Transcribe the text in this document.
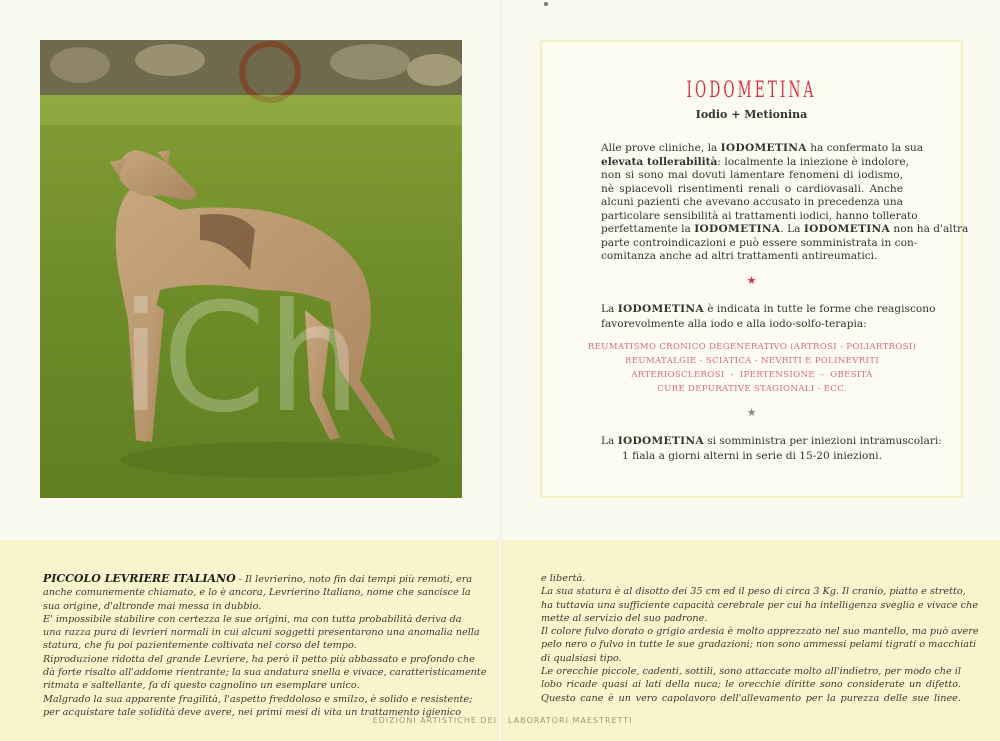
iCh
IODOMETINA
Iodio + Metionina
Alle prove cliniche, la IODOMETINA ha confermato la sua
elevata tollerabilità: localmente la iniezione è indolore,
non si sono mai dovuti lamentare fenomeni di iodismo,
nè spiacevoli risentimenti renali o cardiovasali. Anche
alcuni pazienti che avevano accusato in precedenza una
particolare sensibilità ai trattamenti iodici, hanno tollerato
perfettamente la IODOMETINA. La IODOMETINA non ha d'altra
parte controindicazioni e può essere somministrata in con-
comitanza anche ad altri trattamenti antireumatici.
★
La IODOMETINA è indicata in tutte le forme che reagiscono
favorevolmente alla iodo e alla iodo-solfo-terapia:
REUMATISMO CRONICO DEGENERATIVO (ARTROSI - POLIARTROSI)
REUMATALGIE - SCIATICA - NEVRITI E POLINEVRITI
ARTERIOSCLEROSI  -  IPERTENSIONE  -  OBESITÀ
CURE DEPURATIVE STAGIONALI - ECC.
★
La IODOMETINA si somministra per iniezioni intramuscolari:
1 fiala a giorni alterni in serie di 15-20 iniezioni.
PICCOLO LEVRIERE ITALIANO - Il levrierino, noto fin dai tempi più remoti, era
anche comunemente chiamato, e lo è ancora, Levrierino Italiano, nome che sancisce la
sua origine, d'altronde mai messa in dubbio.
E' impossibile stabilire con certezza le sue origini, ma con tutta probabilità deriva da
una razza pura di levrieri normali in cui alcuni soggetti presentarono una anomalia nella
statura, che fu poi pazientemente coltivata nel corso del tempo.
Riproduzione ridotta del grande Levriere, ha però il petto più abbassato e profondo che
dà forte risalto all'addome rientrante; la sua andatura snella e vivace, caratteristicamente
ritmata e saltellante, fa di questo cagnolino un esemplare unico.
Malgrado la sua apparente fragilità, l'aspetto freddoloso e smilzo, è solido e resistente;
per acquistare tale solidità deve avere, nei primi mesi di vita un trattamento igienico
e libertà.
La sua statura è al disotto dei 35 cm ed il peso di circa 3 Kg. Il cranio, piatto e stretto,
ha tuttavia una sufficiente capacità cerebrale per cui ha intelligenza sveglia e vivace che
mette al servizio del suo padrone.
Il colore fulvo dorato o grigio ardesia è molto apprezzato nel suo mantello, ma può avere
pelo nero o fulvo in tutte le sue gradazioni; non sono ammessi pelami tigrati o macchiati
di qualsiasi tipo.
Le orecchie piccole, cadenti, sottili, sono attaccate molto all'indietro, per modo che il
lobo ricade quasi ai lati della nuca; le orecchie diritte sono considerate un difetto.
Questo cane è un vero capolavoro dell'allevamento per la purezza delle sue linee.
EDIZIONI ARTISTICHE DEI LABORATORI MAESTRETTI
